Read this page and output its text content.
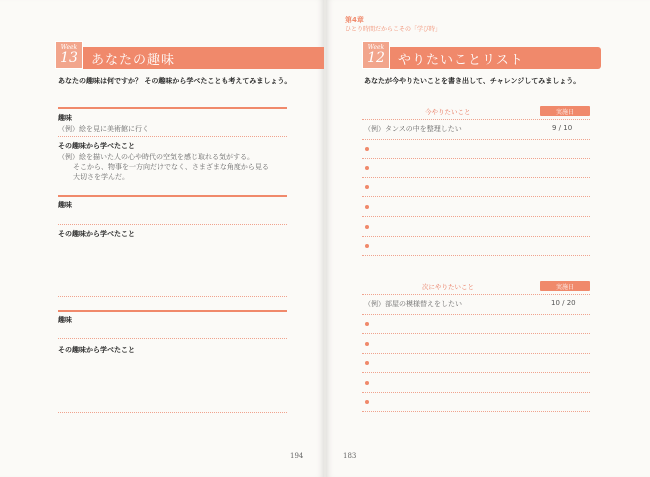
Week
13 あなたの趣味
あなたの趣味は何ですか？ その趣味から学べたことも考えてみましょう。
趣味
（例）絵を見に美術館に行く
その趣味から学べたこと
（例）絵を描いた人の心や時代の空気を感じ取れる気がする。
そこから、物事を一方向だけでなく、さまざまな角度から見る
大切さを学んだ。
趣味
その趣味から学べたこと
趣味
その趣味から学べたこと
194
第4章
ひとり時間だからこその「学び時」
Week
12 やりたいことリスト
あなたが今やりたいことを書き出して、チャレンジしてみましょう。
今やりたいこと	実施日
（例）タンスの中を整理したい	9 / 10
次にやりたいこと	実施日
（例）部屋の模様替えをしたい	10 / 20
183
